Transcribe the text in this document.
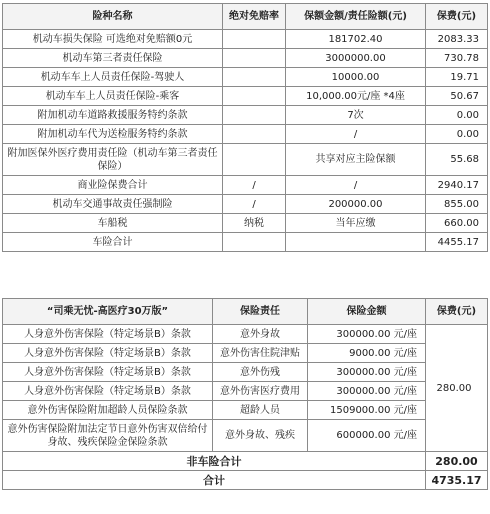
险种名称	绝对免赔率	保额金额/责任险额(元)	保费(元)
机动车损失保险 可选绝对免赔额0元		181702.40	2083.33
机动车第三者责任保险		3000000.00	730.78
机动车车上人员责任保险-驾驶人		10000.00	19.71
机动车车上人员责任保险-乘客		10,000.00元/座 *4座	50.67
附加机动车道路救援服务特约条款		7次	0.00
附加机动车代为送检服务特约条款		/	0.00
附加医保外医疗费用责任险（机动车第三者责任保险）		共享对应主险保额	55.68
商业险保费合计	/	/	2940.17
机动车交通事故责任强制险	/	200000.00	855.00
车船税	纳税	当年应缴	660.00
车险合计			4455.17
“司乘无忧-高医疗30万版”	保险责任	保险金额	保费(元)
人身意外伤害保险（特定场景B）条款	意外身故	300000.00 元/座	280.00
人身意外伤害保险（特定场景B）条款	意外伤害住院津贴	9000.00 元/座	
人身意外伤害保险（特定场景B）条款	意外伤残	300000.00 元/座	
人身意外伤害保险（特定场景B）条款	意外伤害医疗费用	300000.00 元/座	
意外伤害保险附加超龄人员保险条款	超龄人员	1509000.00 元/座	
意外伤害保险附加法定节日意外伤害双倍给付身故、残疾保险金保险条款	意外身故、残疾	600000.00 元/座	
非车险合计			280.00
合计			4735.17
